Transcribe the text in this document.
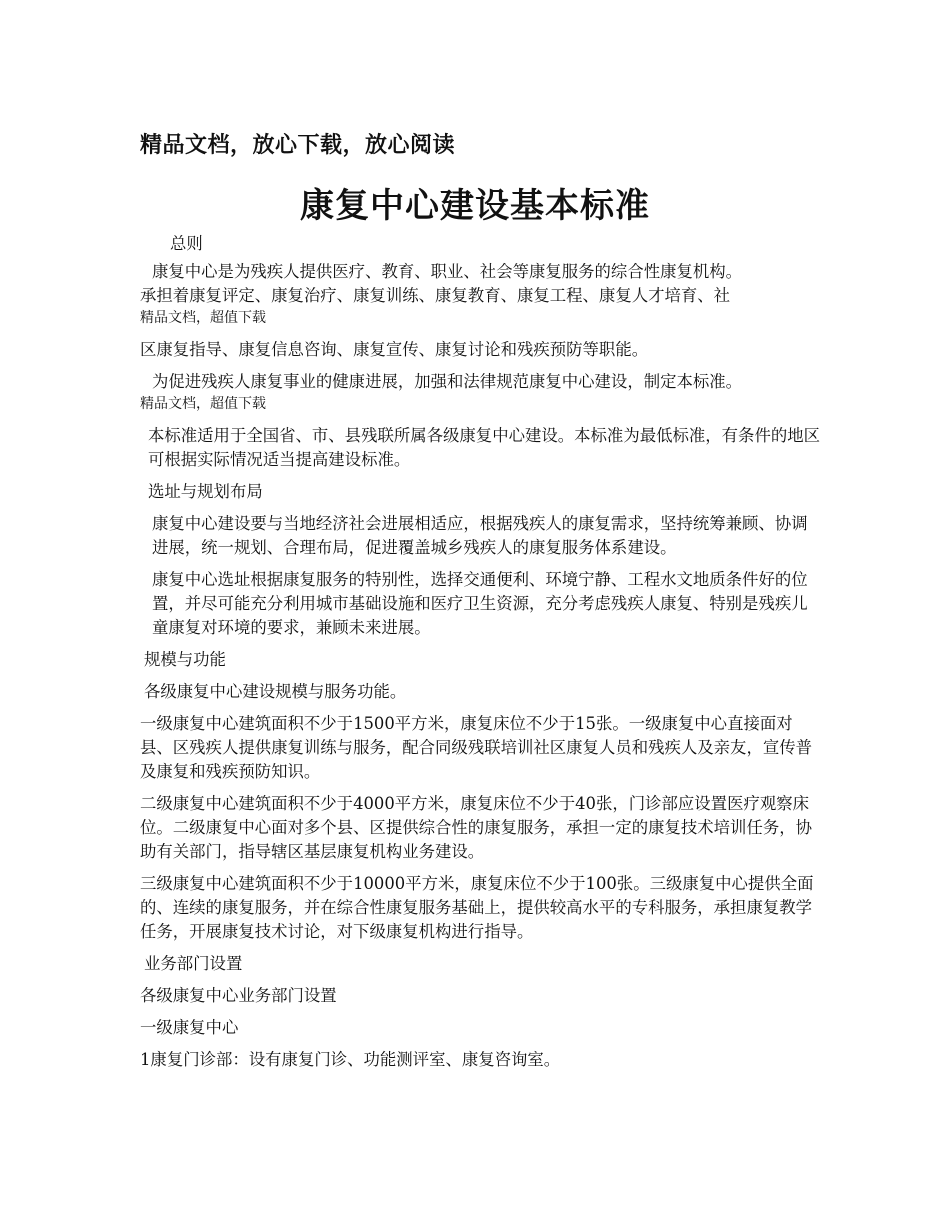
精品文档，放心下载，放心阅读
康复中心建设基本标准
总则
康复中心是为残疾人提供医疗、教育、职业、社会等康复服务的综合性康复机构。
承担着康复评定、康复治疗、康复训练、康复教育、康复工程、康复人才培育、社
精品文档，超值下载
区康复指导、康复信息咨询、康复宣传、康复讨论和残疾预防等职能。
为促进残疾人康复事业的健康进展，加强和法律规范康复中心建设，制定本标准。
精品文档，超值下载
本标准适用于全国省、市、县残联所属各级康复中心建设。本标准为最低标准，有条件的地区可根据实际情况适当提高建设标准。
选址与规划布局
康复中心建设要与当地经济社会进展相适应，根据残疾人的康复需求，坚持统筹兼顾、协调进展，统一规划、合理布局，促进覆盖城乡残疾人的康复服务体系建设。
康复中心选址根据康复服务的特别性，选择交通便利、环境宁静、工程水文地质条件好的位置，并尽可能充分利用城市基础设施和医疗卫生资源，充分考虑残疾人康复、特别是残疾儿童康复对环境的要求，兼顾未来进展。
规模与功能
各级康复中心建设规模与服务功能。
一级康复中心建筑面积不少于1500平方米，康复床位不少于15张。一级康复中心直接面对县、区残疾人提供康复训练与服务，配合同级残联培训社区康复人员和残疾人及亲友，宣传普及康复和残疾预防知识。
二级康复中心建筑面积不少于4000平方米，康复床位不少于40张，门诊部应设置医疗观察床位。二级康复中心面对多个县、区提供综合性的康复服务，承担一定的康复技术培训任务，协助有关部门，指导辖区基层康复机构业务建设。
三级康复中心建筑面积不少于10000平方米，康复床位不少于100张。三级康复中心提供全面的、连续的康复服务，并在综合性康复服务基础上，提供较高水平的专科服务，承担康复教学任务，开展康复技术讨论，对下级康复机构进行指导。
业务部门设置
各级康复中心业务部门设置
一级康复中心
1康复门诊部：设有康复门诊、功能测评室、康复咨询室。
